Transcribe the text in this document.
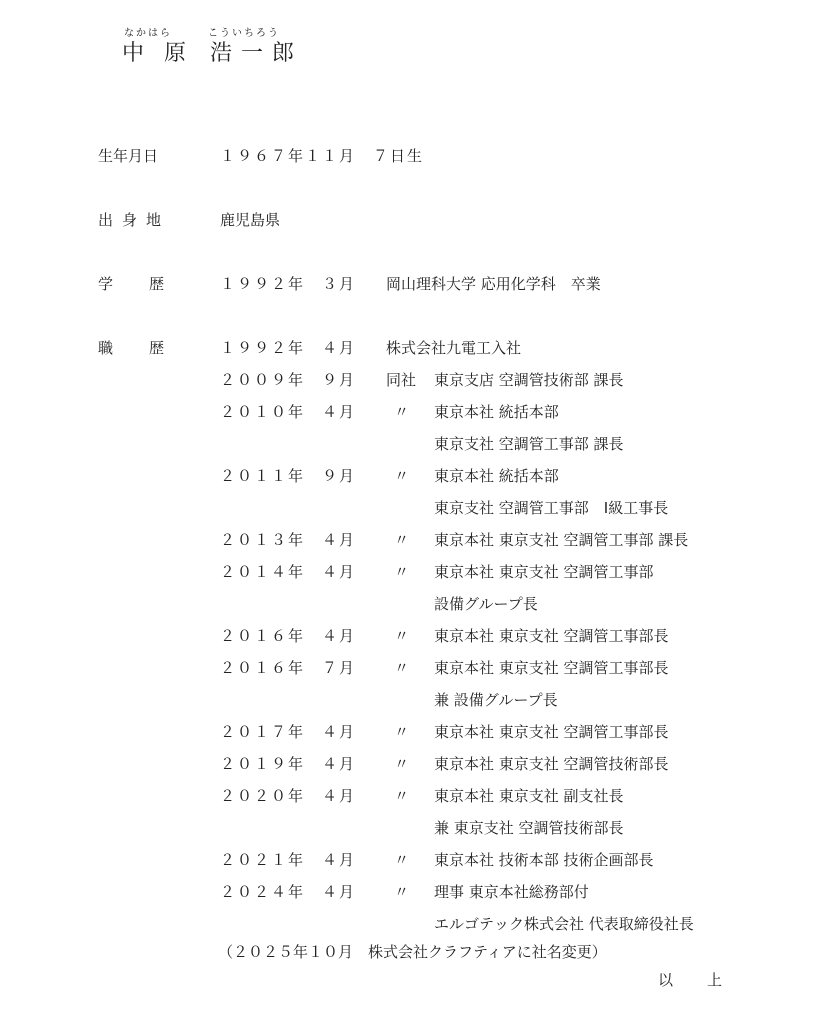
なかはら	こういちろう
中原 浩一郎
生年月日	１９６７年１１月　７日生
出身地	鹿児島県
学歴 １９９２年　３月 岡山理科大学 応用化学科　卒業
職歴 １９９２年　４月 株式会社九電工入社
２００９年　９月 同社 東京支店 空調管技術部 課長
２０１０年　４月	〃 東京本社 統括本部
東京支社 空調管工事部 課長
２０１１年　９月	〃 東京本社 統括本部
東京支社 空調管工事部　Ⅰ級工事長
２０１３年　４月	〃 東京本社 東京支社 空調管工事部 課長
２０１４年　４月	〃 東京本社 東京支社 空調管工事部
設備グループ長
２０１６年　４月	〃 東京本社 東京支社 空調管工事部長
２０１６年　７月	〃 東京本社 東京支社 空調管工事部長
兼 設備グループ長
２０１７年　４月	〃 東京本社 東京支社 空調管工事部長
２０１９年　４月	〃 東京本社 東京支社 空調管技術部長
２０２０年　４月	〃 東京本社 東京支社 副支社長
兼 東京支社 空調管技術部長
２０２１年　４月	〃 東京本社 技術本部 技術企画部長
２０２４年　４月	〃 理事 東京本社総務部付
エルゴテック株式会社 代表取締役社長
（２０２５年１０月　株式会社クラフティアに社名変更）
以上
